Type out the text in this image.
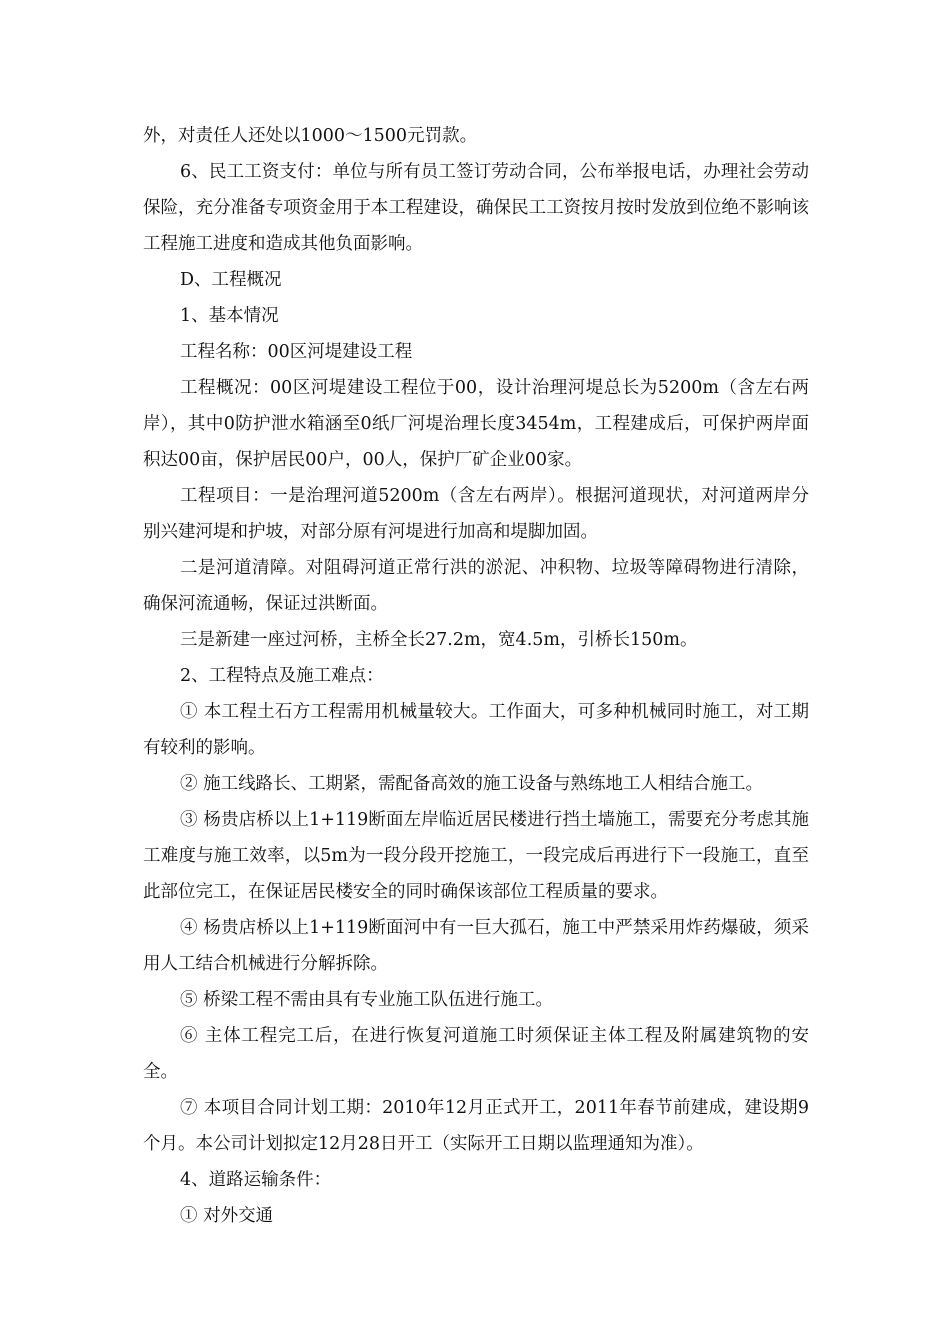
外，对责任人还处以1000～1500元罚款。

6、民工工资支付：单位与所有员工签订劳动合同，公布举报电话，办理社会劳动保险，充分准备专项资金用于本工程建设，确保民工工资按月按时发放到位绝不影响该工程施工进度和造成其他负面影响。

D、工程概况

1、基本情况

工程名称：00区河堤建设工程

工程概况：00区河堤建设工程位于00，设计治理河堤总长为5200m（含左右两岸），其中0防护泄水箱涵至0纸厂河堤治理长度3454m，工程建成后，可保护两岸面积达00亩，保护居民00户，00人，保护厂矿企业00家。

工程项目：一是治理河道5200m（含左右两岸）。根据河道现状，对河道两岸分别兴建河堤和护坡，对部分原有河堤进行加高和堤脚加固。

二是河道清障。对阻碍河道正常行洪的淤泥、冲积物、垃圾等障碍物进行清除，确保河流通畅，保证过洪断面。

三是新建一座过河桥，主桥全长27.2m，宽4.5m，引桥长150m。

2、工程特点及施工难点：

① 本工程土石方工程需用机械量较大。工作面大，可多种机械同时施工，对工期有较利的影响。

② 施工线路长、工期紧，需配备高效的施工设备与熟练地工人相结合施工。

③ 杨贵店桥以上1+119断面左岸临近居民楼进行挡土墙施工，需要充分考虑其施工难度与施工效率，以5m为一段分段开挖施工，一段完成后再进行下一段施工，直至此部位完工，在保证居民楼安全的同时确保该部位工程质量的要求。

④ 杨贵店桥以上1+119断面河中有一巨大孤石，施工中严禁采用炸药爆破，须采用人工结合机械进行分解拆除。

⑤ 桥梁工程不需由具有专业施工队伍进行施工。

⑥ 主体工程完工后，在进行恢复河道施工时须保证主体工程及附属建筑物的安全。

⑦ 本项目合同计划工期：2010年12月正式开工，2011年春节前建成，建设期9个月。本公司计划拟定12月28日开工（实际开工日期以监理通知为准）。

4、道路运输条件：

① 对外交通
